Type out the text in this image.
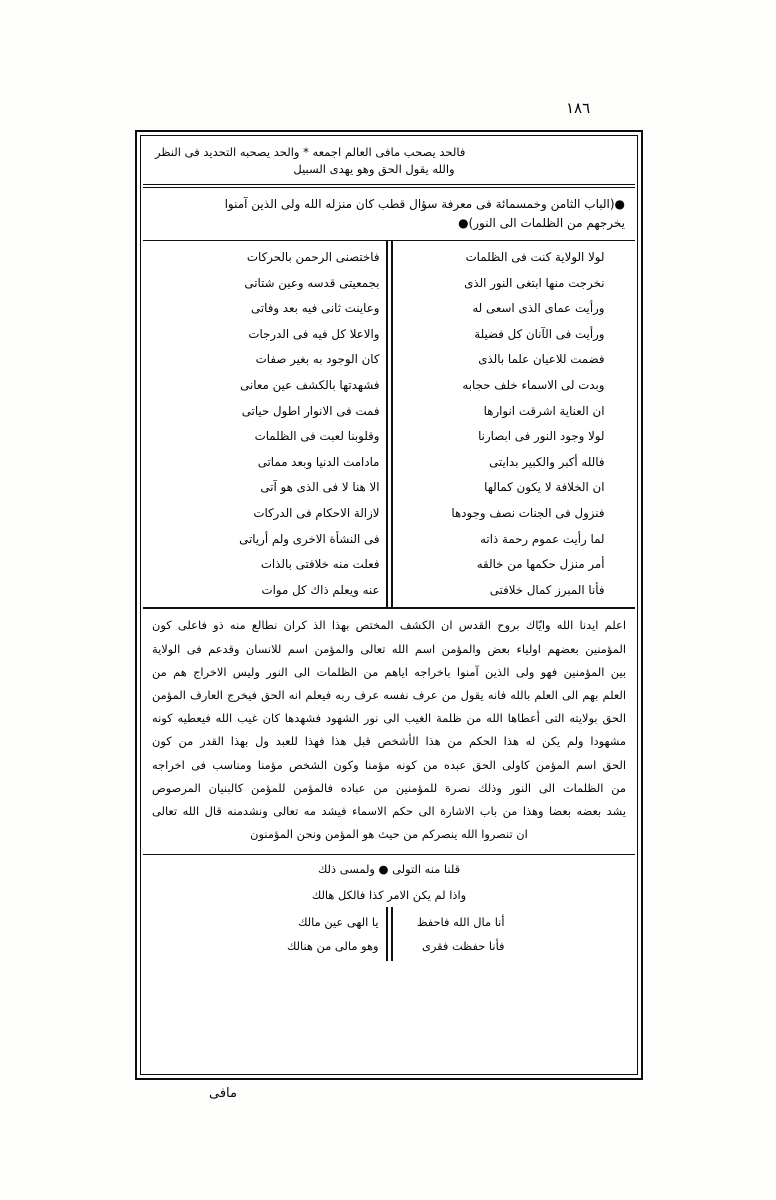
١٨٦
فالحد يصحب مافى العالم اجمعه * والحد يصحبه التحديد فى النظر
والله يقول الحق وهو يهدى السبيل
●(الباب الثامن وخمسمائة فى معرفة سؤال قطب كان منزله الله ولى الذين آمنوا
يخرجهم من الظلمات الى النور)●
لولا الولاية كنت فى الظلمات
نخرجت منها ابتغى النور الذى
ورأيت عماى الذى اسعى له
ورأيت فى الآنان كل فضيلة
فضمت للاعيان علما بالذى
وبدت لى الاسماء خلف حجابه
ان العناية اشرقت انوارها
لولا وجود النور فى ابصارنا
فالله أكبر والكبير بدايتى
ان الخلافة لا يكون كمالها
فنزول فى الجنات نصف وجودها
لما رأيت عموم رحمة ذاته
أمر منزل حكمها من خالقه
فأنا المبرز كمال خلافتى
فاختصنى الرحمن بالحركات
بجمعيتى قدسه وعين شتاتى
وعاينت ثانى فيه بعد وفاتى
والاعلا كل فيه فى الدرجات
كان الوجود به بغير صفات
فشهدتها بالكشف عين معانى
فمت فى الانوار اطول حياتى
وقلوبنا لعبت فى الظلمات
مادامت الدنيا وبعد مماتى
الا هنا لا فى الذى هو آتى
لازالة الاحكام فى الدركات
فى النشأة الاخرى ولم أرياتى
فعلت منه خلافتى بالذات
عنه ويعلم ذاك كل موات
اعلم ايدنا الله وايّاك بروح القدس ان الكشف المختص بهذا الذ كران نطالع منه ذو فاعلى كون
المؤمنين بعضهم اولياء بعض والمؤمن اسم الله تعالى والمؤمن اسم للانسان وقدعم فى الولاية
بين المؤمنين فهو ولى الذين آمنوا باخراجه اياهم من الظلمات الى النور وليس الاخراج هم من
العلم بهم الى العلم بالله فانه يقول من عرف نفسه عرف ربه فيعلم انه الحق فيخرج العارف المؤمن
الحق بولايته التى أعطاها الله من ظلمة الغيب الى نور الشهود فشهدها كان غيب الله فيعطيه كونه
مشهودا ولم يكن له هذا الحكم من هذا الأشخص قبل هذا فهذا للعبد ول بهذا القدر من كون
الحق اسم المؤمن كاولى الحق عبده من كونه مؤمنا وكون الشخص مؤمنا ومناسب فى اخراجه
من الظلمات الى النور وذلك نصرة للمؤمنين من عباده فالمؤمن للمؤمن كالبنيان المرصوص
يشد بعضه بعضا وهذا من باب الاشارة الى حكم الاسماء فيشد مه تعالى ونشدمنه قال الله تعالى
ان تنصروا الله ينصركم من حيث هو المؤمن ونحن المؤمنون
قلنا منه التولى ● ولمسى ذلك
واذا لم يكن الامر كذا فالكل هالك
أنا مال الله فاحفظ
فأنا حفظت فقرى
يا الهى عين مالك
وهو مالى من هنالك
مافى
